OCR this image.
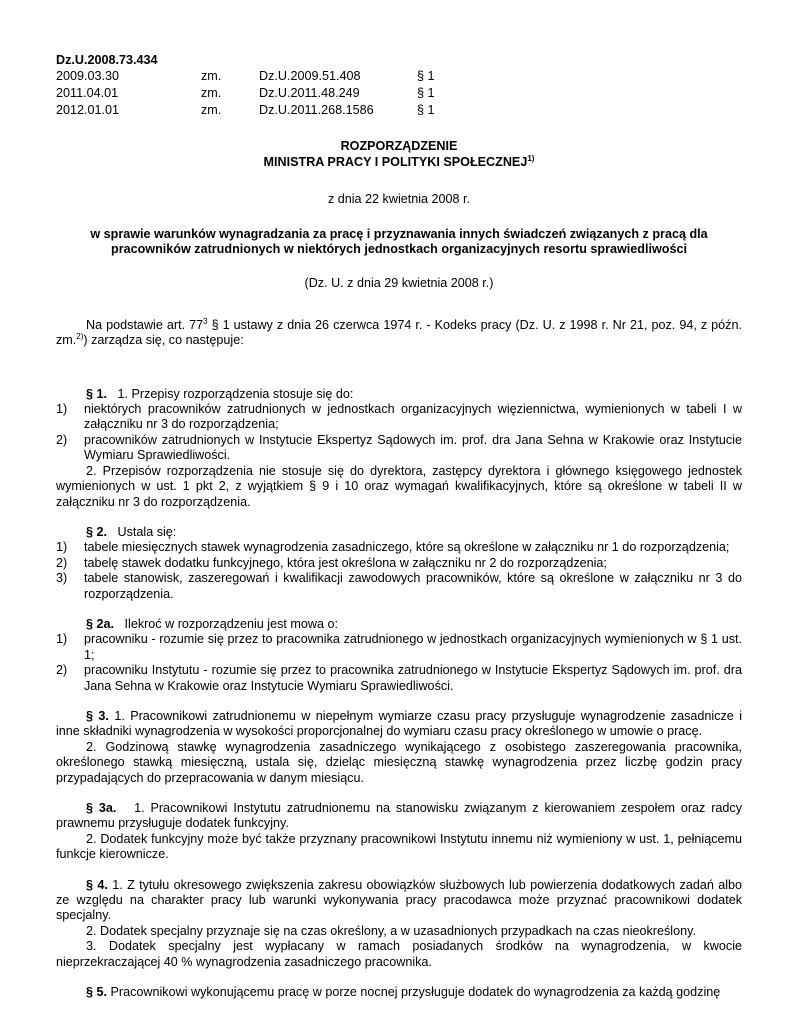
Dz.U.2008.73.434
2009.03.30	zm.	Dz.U.2009.51.408	§ 1
2011.04.01	zm.	Dz.U.2011.48.249	§ 1
2012.01.01	zm.	Dz.U.2011.268.1586	§ 1
ROZPORZĄDZENIE
MINISTRA PRACY I POLITYKI SPOŁECZNEJ$^{1)}$
z dnia 22 kwietnia 2008 r.
w sprawie warunków wynagradzania za pracę i przyznawania innych świadczeń związanych z pracą dla pracowników zatrudnionych w niektórych jednostkach organizacyjnych resortu sprawiedliwości
(Dz. U. z dnia 29 kwietnia 2008 r.)
Na podstawie art. $77^3$ § 1 ustawy z dnia 26 czerwca 1974 r. - Kodeks pracy (Dz. U. z 1998 r. Nr 21, poz. 94, z późn. zm.$^{2)}$) zarządza się, co następuje:

§ 1. 1. Przepisy rozporządzenia stosuje się do:

1) niektórych pracowników zatrudnionych w jednostkach organizacyjnych więziennictwa, wymienionych w tabeli I w załączniku nr 3 do rozporządzenia;
2) pracowników zatrudnionych w Instytucie Ekspertyz Sądowych im. prof. dra Jana Sehna w Krakowie oraz Instytucie Wymiaru Sprawiedliwości.

2. Przepisów rozporządzenia nie stosuje się do dyrektora, zastępcy dyrektora i głównego księgowego jednostek wymienionych w ust. 1 pkt 2, z wyjątkiem § 9 i 10 oraz wymagań kwalifikacyjnych, które są określone w tabeli II w załączniku nr 3 do rozporządzenia.

§ 2. Ustala się:

1) tabele miesięcznych stawek wynagrodzenia zasadniczego, które są określone w załączniku nr 1 do rozporządzenia;
2) tabelę stawek dodatku funkcyjnego, która jest określona w załączniku nr 2 do rozporządzenia;
3) tabele stanowisk, zaszeregowań i kwalifikacji zawodowych pracowników, które są określone w załączniku nr 3 do rozporządzenia.

§ 2a. Ilekroć w rozporządzeniu jest mowa o:

1) pracowniku - rozumie się przez to pracownika zatrudnionego w jednostkach organizacyjnych wymienionych w § 1 ust. 1;
2) pracowniku Instytutu - rozumie się przez to pracownika zatrudnionego w Instytucie Ekspertyz Sądowych im. prof. dra Jana Sehna w Krakowie oraz Instytucie Wymiaru Sprawiedliwości.

§ 3. 1. Pracownikowi zatrudnionemu w niepełnym wymiarze czasu pracy przysługuje wynagrodzenie zasadnicze i inne składniki wynagrodzenia w wysokości proporcjonalnej do wymiaru czasu pracy określonego w umowie o pracę.

2. Godzinową stawkę wynagrodzenia zasadniczego wynikającego z osobistego zaszeregowania pracownika, określonego stawką miesięczną, ustala się, dzieląc miesięczną stawkę wynagrodzenia przez liczbę godzin pracy przypadających do przepracowania w danym miesiącu.

§ 3a. 1. Pracownikowi Instytutu zatrudnionemu na stanowisku związanym z kierowaniem zespołem oraz radcy prawnemu przysługuje dodatek funkcyjny.

2. Dodatek funkcyjny może być także przyznany pracownikowi Instytutu innemu niż wymieniony w ust. 1, pełniącemu funkcje kierownicze.

§ 4. 1. Z tytułu okresowego zwiększenia zakresu obowiązków służbowych lub powierzenia dodatkowych zadań albo ze względu na charakter pracy lub warunki wykonywania pracy pracodawca może przyznać pracownikowi dodatek specjalny.

2. Dodatek specjalny przyznaje się na czas określony, a w uzasadnionych przypadkach na czas nieokreślony.

3. Dodatek specjalny jest wypłacany w ramach posiadanych środków na wynagrodzenia, w kwocie nieprzekraczającej 40 % wynagrodzenia zasadniczego pracownika.

§ 5. Pracownikowi wykonującemu pracę w porze nocnej przysługuje dodatek do wynagrodzenia za każdą godzinę
